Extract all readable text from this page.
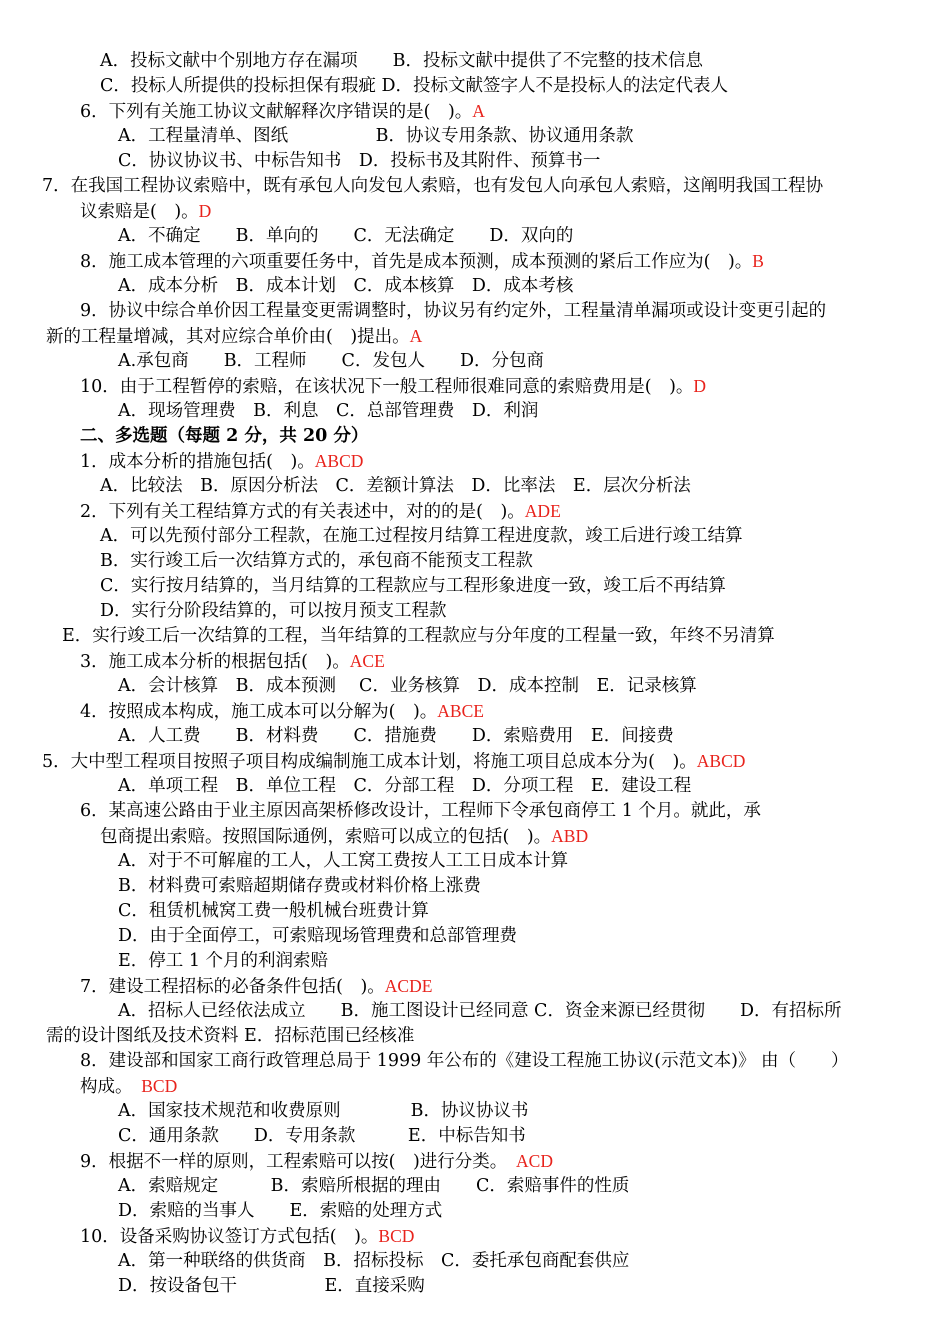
A．投标文献中个别地方存在漏项　　B．投标文献中提供了不完整的技术信息
C．投标人所提供的投标担保有瑕疵 D．投标文献签字人不是投标人的法定代表人
6．下列有关施工协议文献解释次序错误的是(　)。A
A．工程量清单、图纸　　　　　B．协议专用条款、协议通用条款
C．协议协议书、中标告知书　D．投标书及其附件、预算书一
7．在我国工程协议索赔中，既有承包人向发包人索赔，也有发包人向承包人索赔，这阐明我国工程协
议索赔是(　)。D
A．不确定　　B．单向的　　C．无法确定　　D．双向的
8．施工成本管理的六项重要任务中，首先是成本预测，成本预测的紧后工作应为(　)。B
A．成本分析　B．成本计划　C．成本核算　D．成本考核
9．协议中综合单价因工程量变更需调整时，协议另有约定外，工程量清单漏项或设计变更引起的
新的工程量增减，其对应综合单价由(　)提出。A
A.承包商　　B．工程师　　C．发包人　　D．分包商
10．由于工程暂停的索赔，在该状况下一般工程师很难同意的索赔费用是(　)。D
A．现场管理费　B．利息　C．总部管理费　D．利润
二、多选题（每题 2 分，共 20 分）
1．成本分析的措施包括(　)。ABCD
A．比较法　B．原因分析法　C．差额计算法　D．比率法　E．层次分析法
2．下列有关工程结算方式的有关表述中，对的的是(　)。ADE
A．可以先预付部分工程款，在施工过程按月结算工程进度款，竣工后进行竣工结算
B．实行竣工后一次结算方式的，承包商不能预支工程款
C．实行按月结算的，当月结算的工程款应与工程形象进度一致，竣工后不再结算
D．实行分阶段结算的，可以按月预支工程款
E．实行竣工后一次结算的工程，当年结算的工程款应与分年度的工程量一致，年终不另清算
3．施工成本分析的根据包括(　)。ACE
A．会计核算　B．成本预测　 C．业务核算　D．成本控制　E．记录核算
4．按照成本构成，施工成本可以分解为(　)。ABCE
A．人工费　　B．材料费　　C．措施费　　D．索赔费用　E．间接费
5．大中型工程项目按照子项目构成编制施工成本计划，将施工项目总成本分为(　)。ABCD
A．单项工程　B．单位工程　C．分部工程　D．分项工程　E．建设工程
6．某高速公路由于业主原因高架桥修改设计，工程师下令承包商停工 1 个月。就此，承
包商提出索赔。按照国际通例，索赔可以成立的包括(　)。ABD
A．对于不可解雇的工人，人工窝工费按人工工日成本计算
B．材料费可索赔超期储存费或材料价格上涨费
C．租赁机械窝工费一般机械台班费计算
D．由于全面停工，可索赔现场管理费和总部管理费
E．停工 1 个月的利润索赔
7．建设工程招标的必备条件包括(　)。ACDE
A．招标人已经依法成立　　B．施工图设计已经同意 C．资金来源已经贯彻　　D．有招标所
需的设计图纸及技术资料 E．招标范围已经核准
8．建设部和国家工商行政管理总局于 1999 年公布的《建设工程施工协议(示范文本)》 由（　　）
构成。　 BCD
A．国家技术规范和收费原则　　　　B．协议协议书
C．通用条款　　D．专用条款　　　E．中标告知书
9．根据不一样的原则，工程索赔可以按(　)进行分类。　 ACD
A．索赔规定　　　B．索赔所根据的理由　　C．索赔事件的性质
D．索赔的当事人　　E．索赔的处理方式
10．设备采购协议签订方式包括(　)。BCD
A．第一种联络的供货商　B．招标投标　C．委托承包商配套供应
D．按设备包干　　　　　E．直接采购
